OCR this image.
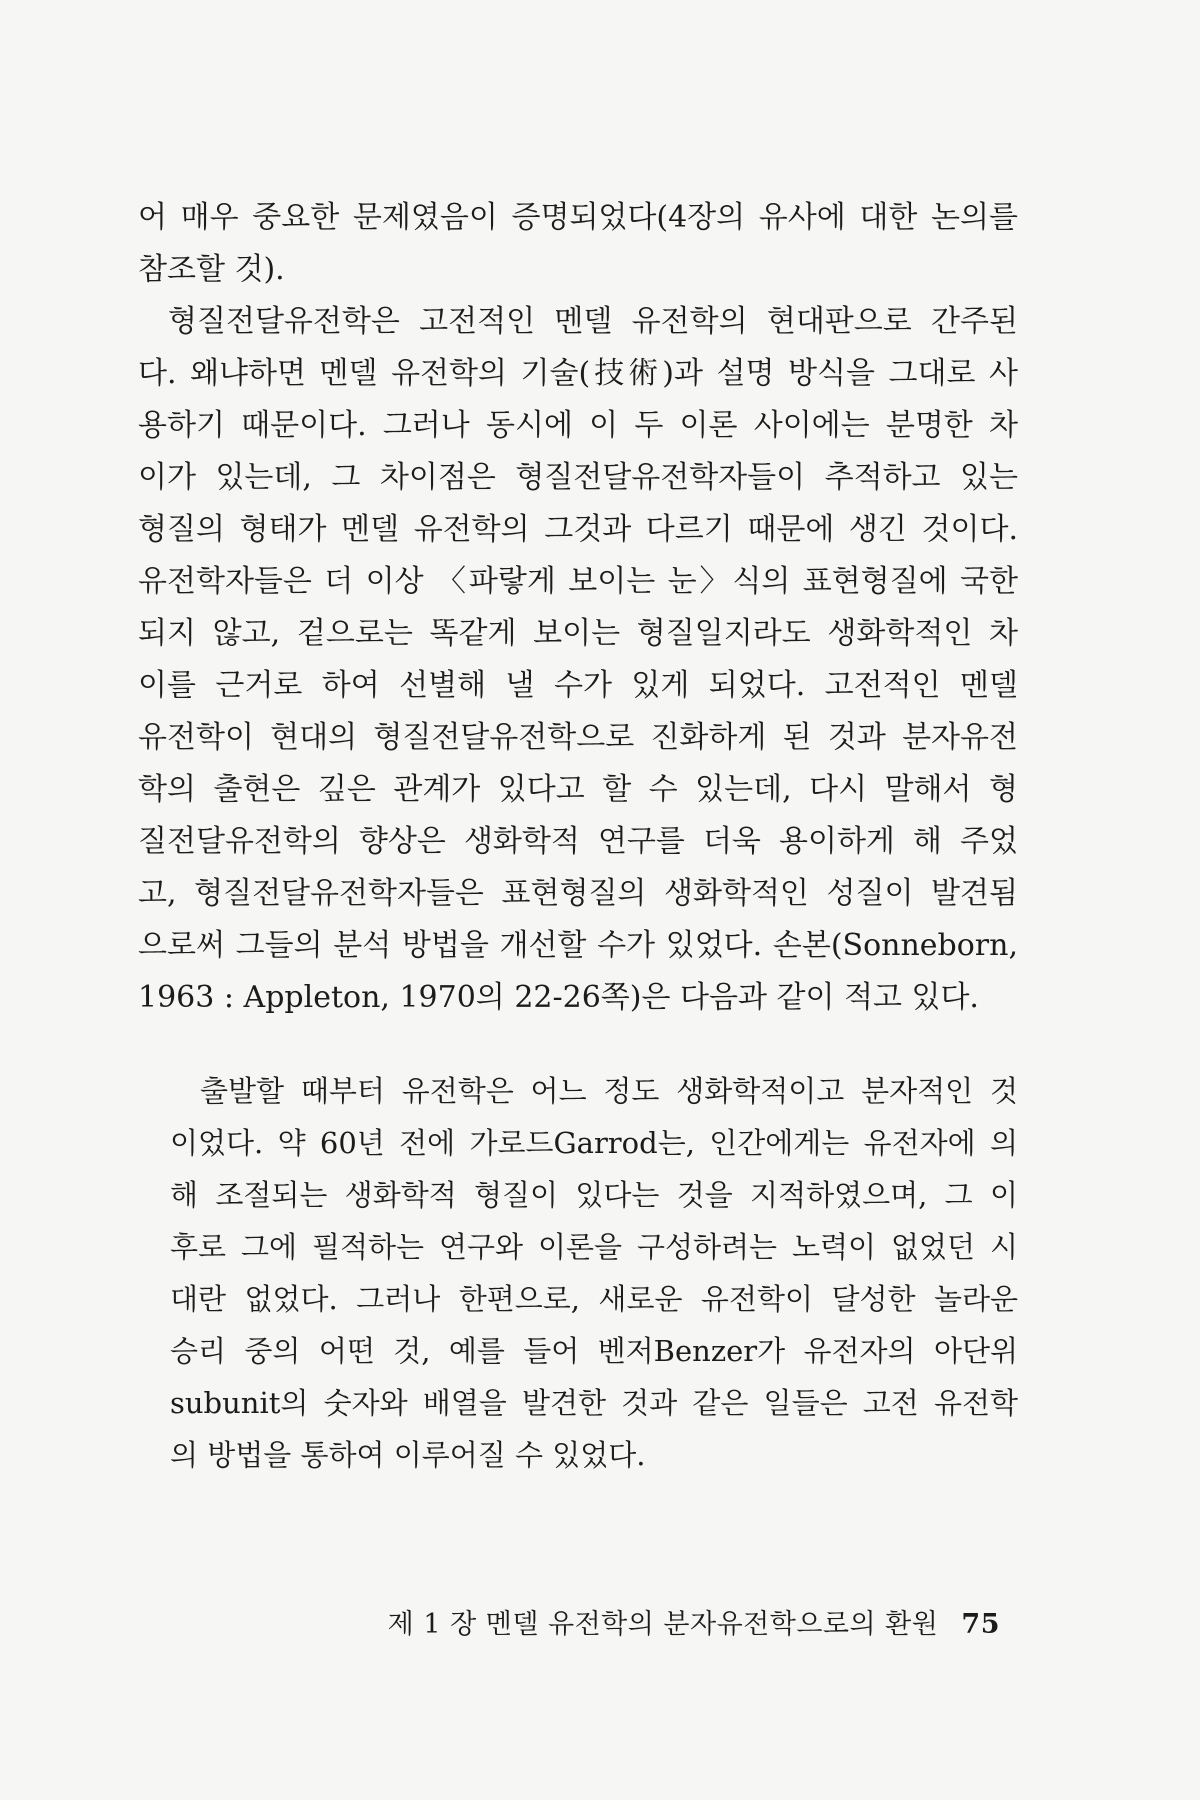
어 매우 중요한 문제였음이 증명되었다(4장의 유사에 대한 논의를
참조할 것).
형질전달유전학은 고전적인 멘델 유전학의 현대판으로 간주된
다. 왜냐하면 멘델 유전학의 기술(技術)과 설명 방식을 그대로 사
용하기 때문이다. 그러나 동시에 이 두 이론 사이에는 분명한 차
이가 있는데, 그 차이점은 형질전달유전학자들이 추적하고 있는
형질의 형태가 멘델 유전학의 그것과 다르기 때문에 생긴 것이다.
유전학자들은 더 이상 〈파랗게 보이는 눈〉식의 표현형질에 국한
되지 않고, 겉으로는 똑같게 보이는 형질일지라도 생화학적인 차
이를 근거로 하여 선별해 낼 수가 있게 되었다. 고전적인 멘델
유전학이 현대의 형질전달유전학으로 진화하게 된 것과 분자유전
학의 출현은 깊은 관계가 있다고 할 수 있는데, 다시 말해서 형
질전달유전학의 향상은 생화학적 연구를 더욱 용이하게 해 주었
고, 형질전달유전학자들은 표현형질의 생화학적인 성질이 발견됨
으로써 그들의 분석 방법을 개선할 수가 있었다. 손본(Sonneborn,
1963 : Appleton, 1970의 22-26쪽)은 다음과 같이 적고 있다.
출발할 때부터 유전학은 어느 정도 생화학적이고 분자적인 것
이었다. 약 60년 전에 가로드Garrod는, 인간에게는 유전자에 의
해 조절되는 생화학적 형질이 있다는 것을 지적하였으며, 그 이
후로 그에 필적하는 연구와 이론을 구성하려는 노력이 없었던 시
대란 없었다. 그러나 한편으로, 새로운 유전학이 달성한 놀라운
승리 중의 어떤 것, 예를 들어 벤저Benzer가 유전자의 아단위
subunit의 숫자와 배열을 발견한 것과 같은 일들은 고전 유전학
의 방법을 통하여 이루어질 수 있었다.
제 1 장 멘델 유전학의 분자유전학으로의 환원 75
